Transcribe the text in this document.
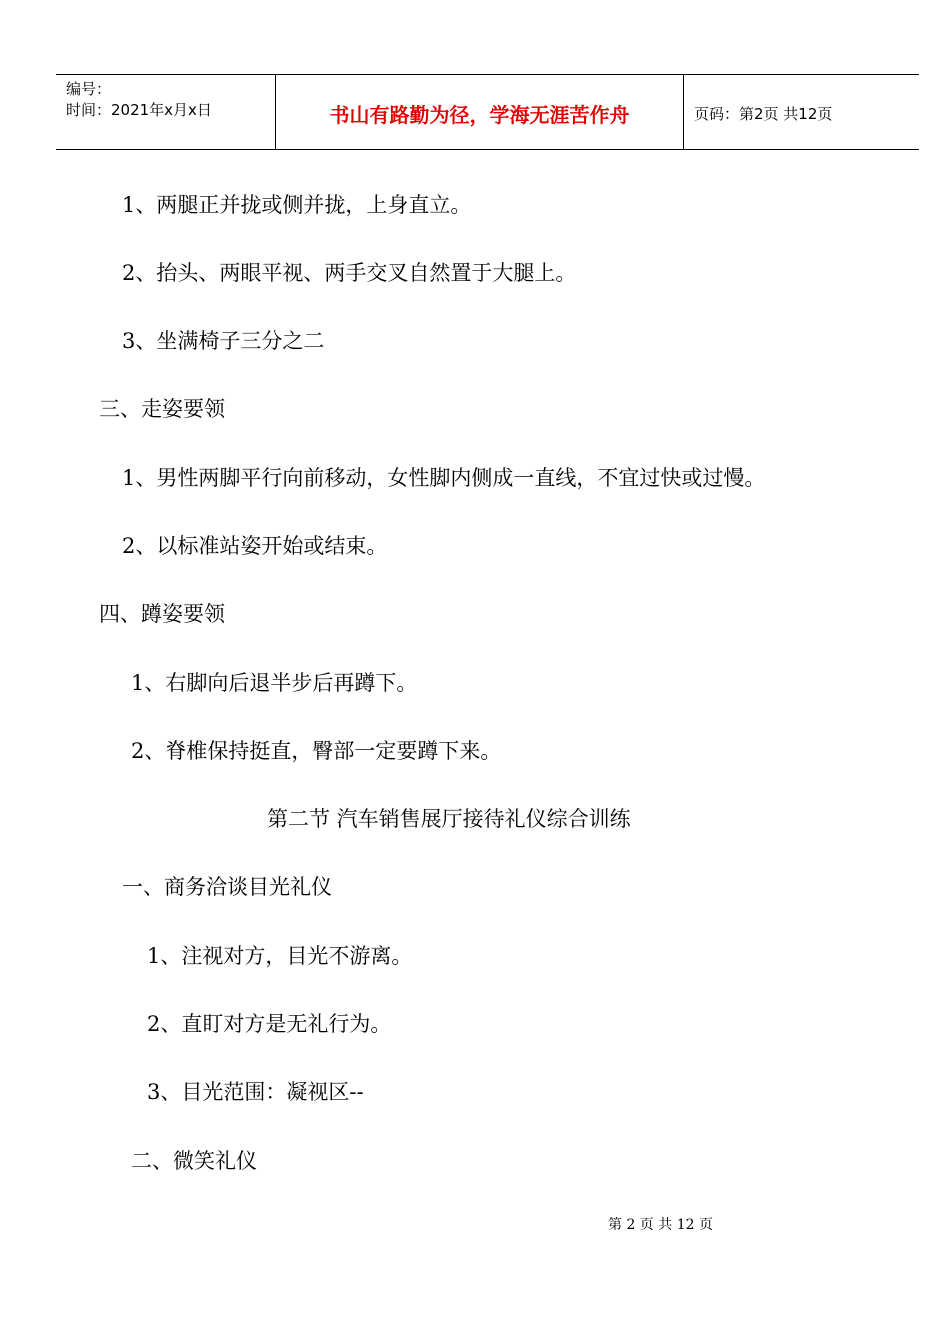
编号：
时间：2021年x月x日	书山有路勤为径，学海无涯苦作舟	页码：第2页 共12页
1、两腿正并拢或侧并拢，上身直立。
2、抬头、两眼平视、两手交叉自然置于大腿上。
3、坐满椅子三分之二
三、走姿要领
1、男性两脚平行向前移动，女性脚内侧成一直线，不宜过快或过慢。
2、以标准站姿开始或结束。
四、蹲姿要领
1、右脚向后退半步后再蹲下。
2、脊椎保持挺直，臀部一定要蹲下来。
第二节 汽车销售展厅接待礼仪综合训练
一、商务洽谈目光礼仪
1、注视对方，目光不游离。
2、直盯对方是无礼行为。
3、目光范围：凝视区--
二、微笑礼仪
第 2 页 共 12 页
